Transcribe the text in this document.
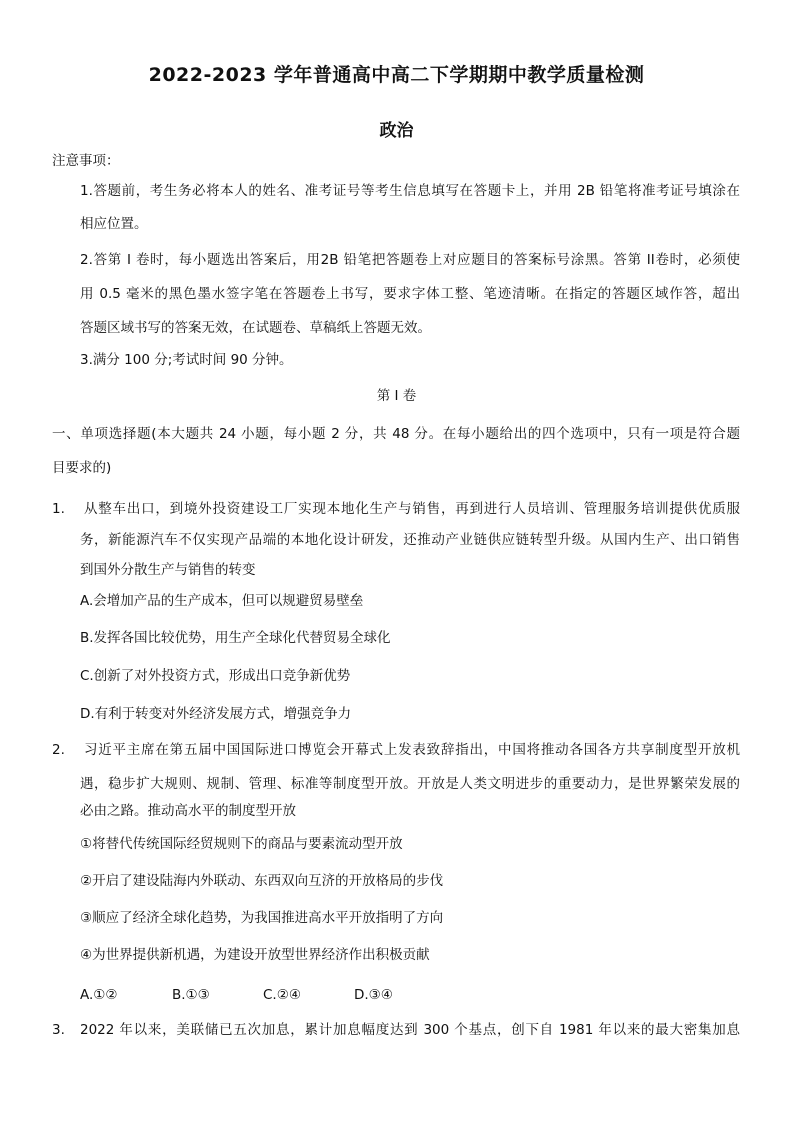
2022-2023 学年普通高中高二下学期期中教学质量检测
政治
注意事项：
1.答题前，考生务必将本人的姓名、准考证号等考生信息填写在答题卡上，并用 2B 铅笔将准考证号填涂在
相应位置。
2.答第 I 卷时，每小题选出答案后，用2B 铅笔把答题卷上对应题目的答案标号涂黑。答第 II卷时，必须使
用 0.5 毫米的黑色墨水签字笔在答题卷上书写，要求字体工整、笔迹清晰。在指定的答题区域作答，超出
答题区域书写的答案无效，在试题卷、草稿纸上答题无效。
3.满分 100 分;考试时间 90 分钟。
第 I 卷
一、单项选择题(本大题共 24 小题，每小题 2 分，共 48 分。在每小题给出的四个选项中，只有一项是符合题
目要求的)
1. 从整车出口，到境外投资建设工厂实现本地化生产与销售，再到进行人员培训、管理服务培训提供优质服
务，新能源汽车不仅实现产品端的本地化设计研发，还推动产业链供应链转型升级。从国内生产、出口销售
到国外分散生产与销售的转变
A.会增加产品的生产成本，但可以规避贸易壁垒
B.发挥各国比较优势，用生产全球化代替贸易全球化
C.创新了对外投资方式，形成出口竞争新优势
D.有利于转变对外经济发展方式，增强竞争力
2. 习近平主席在第五届中国国际进口博览会开幕式上发表致辞指出，中国将推动各国各方共享制度型开放机
遇，稳步扩大规则、规制、管理、标准等制度型开放。开放是人类文明进步的重要动力，是世界繁荣发展的
必由之路。推动高水平的制度型开放
①将替代传统国际经贸规则下的商品与要素流动型开放
②开启了建设陆海内外联动、东西双向互济的开放格局的步伐
③顺应了经济全球化趋势，为我国推进高水平开放指明了方向
④为世界提供新机遇，为建设开放型世界经济作出积极贡献
A.①②	B.①③	C.②④	D.③④
3. 2022 年以来，美联储已五次加息，累计加息幅度达到 300 个基点，创下自 1981 年以来的最大密集加息
